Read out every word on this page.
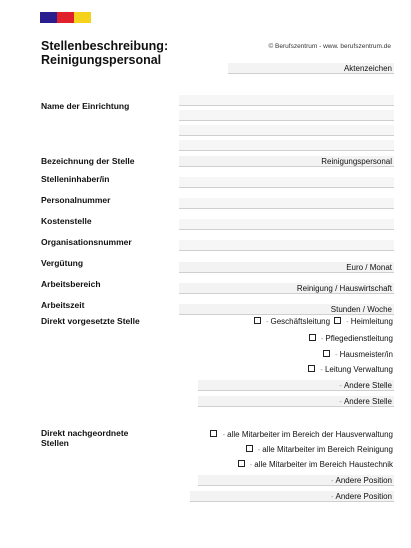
Stellenbeschreibung:
Reinigungspersonal
© Berufszentrum - www. berufszentrum.de
Aktenzeichen
Name der Einrichtung
Bezeichnung der Stelle	Reinigungspersonal
Stelleninhaber/in
Personalnummer
Kostenstelle
Organisationsnummer
Vergütung	Euro / Monat
Arbeitsbereich	Reinigung / Hauswirtschaft
Arbeitszeit	Stunden / Woche
Direkt vorgesetzte Stelle	- Geschäftsleitung - Heimleitung
- Pflegedienstleitung
- Hausmeister/in
- Leitung Verwaltung
- Andere Stelle
- Andere Stelle
Direkt nachgeordnete
Stellen
- alle Mitarbeiter im Bereich der Hausverwaltung
- alle Mitarbeiter im Bereich Reinigung
- alle Mitarbeiter im Bereich Haustechnik
- Andere Position
- Andere Position
